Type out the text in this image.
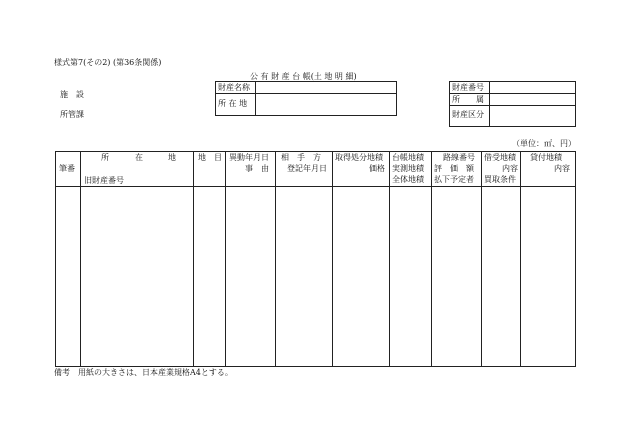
様式第7(その2) (第36条関係)
公 有 財 産 台 帳(土 地 明 細)
施　設
所管課
財産名称
所 在 地
財産番号
所　　属
財産区分
（単位：㎡、円）
筆番
所	在	地
旧財産番号
地　目 異動年月日
事　由
相　手　方
登記年月日
取得処分地積
価格
台帳地積
実測地積
全体地積
路線番号
評　価　額
払下予定者
借受地積
内容
買取条件
貸付地積
内容
備考　用紙の大きさは、日本産業規格A4とする。
